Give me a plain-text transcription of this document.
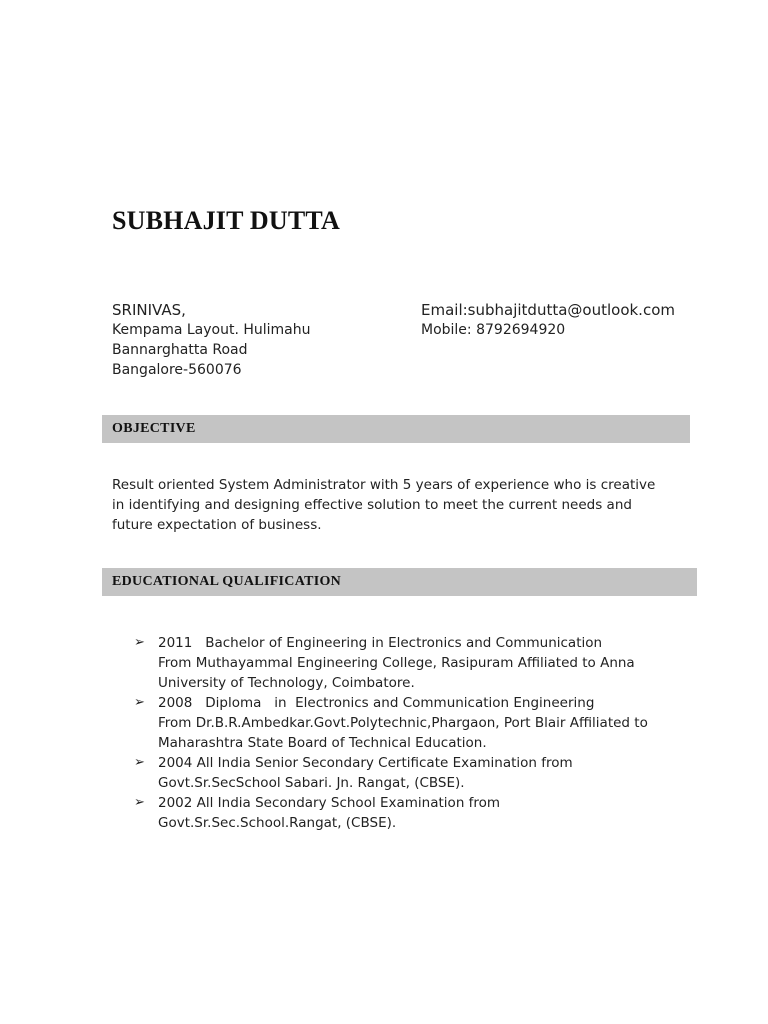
SUBHAJIT DUTTA
SRINIVAS,
Kempama Layout. Hulimahu
Bannarghatta Road
Bangalore-560076
Email:subhajitdutta@outlook.com
Mobile: 8792694920
OBJECTIVE
Result oriented System Administrator with 5 years of experience who is creative
in identifying and designing effective solution to meet the current needs and
future expectation of business.
EDUCATIONAL QUALIFICATION
➢ 2011   Bachelor of Engineering in Electronics and Communication
From Muthayammal Engineering College, Rasipuram Affiliated to Anna
University of Technology, Coimbatore.
➢ 2008   Diploma   in  Electronics and Communication Engineering
From Dr.B.R.Ambedkar.Govt.Polytechnic,Phargaon, Port Blair Affiliated to
Maharashtra State Board of Technical Education.
➢ 2004 All India Senior Secondary Certificate Examination from
Govt.Sr.SecSchool Sabari. Jn. Rangat, (CBSE).
➢ 2002 All India Secondary School Examination from
Govt.Sr.Sec.School.Rangat, (CBSE).
